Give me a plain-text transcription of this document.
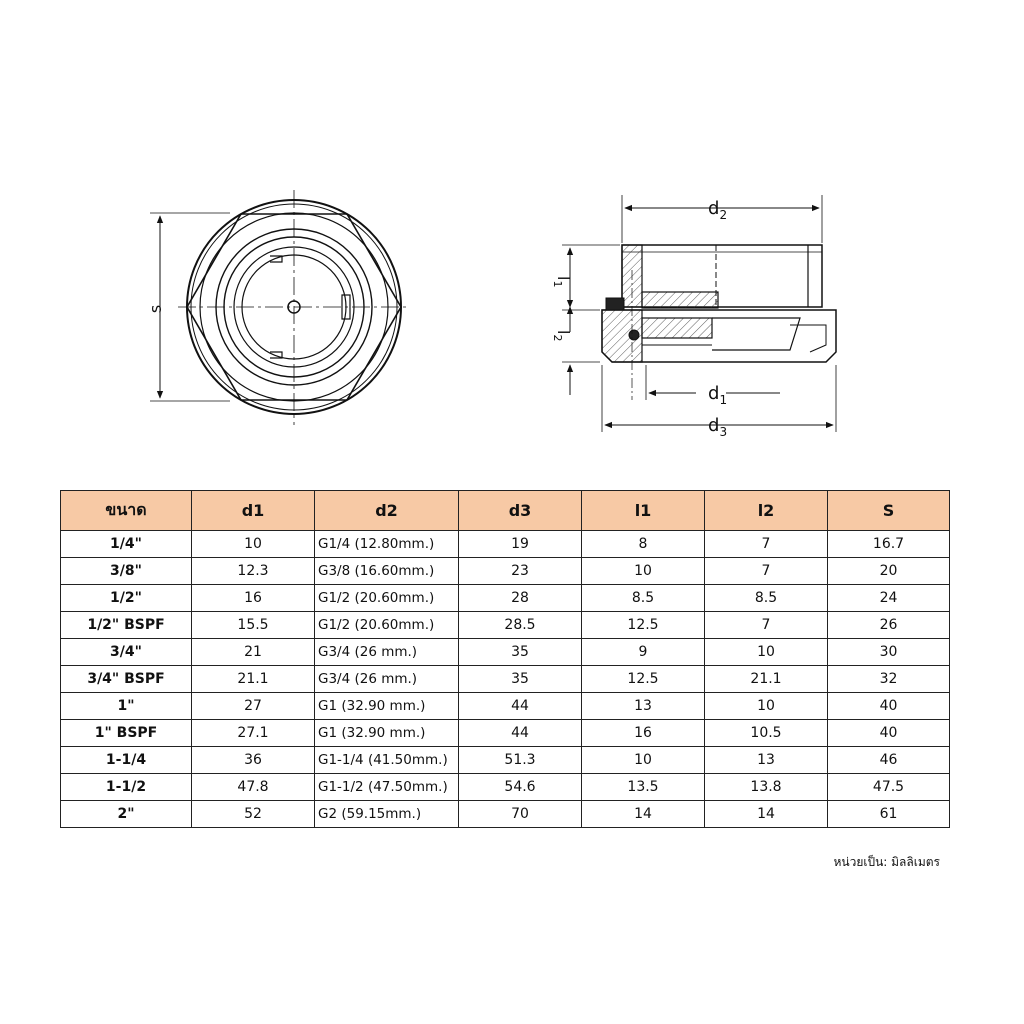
s
$d_2$
$d_1$
$d_3$
$l_1$
$l_2$
ขนาด	d1	d2	d3	l1	l2	S
1/4"	10	G1/4 (12.80mm.)	19	8	7	16.7
3/8"	12.3	G3/8 (16.60mm.)	23	10	7	20
1/2"	16	G1/2 (20.60mm.)	28	8.5	8.5	24
1/2" BSPF	15.5	G1/2 (20.60mm.)	28.5	12.5	7	26
3/4"	21	G3/4 (26 mm.)	35	9	10	30
3/4" BSPF	21.1	G3/4 (26 mm.)	35	12.5	21.1	32
1"	27	G1 (32.90 mm.)	44	13	10	40
1" BSPF	27.1	G1 (32.90 mm.)	44	16	10.5	40
1-1/4	36	G1-1/4 (41.50mm.)	51.3	10	13	46
1-1/2	47.8	G1-1/2 (47.50mm.)	54.6	13.5	13.8	47.5
2"	52	G2 (59.15mm.)	70	14	14	61
หน่วยเป็น: มิลลิเมตร
